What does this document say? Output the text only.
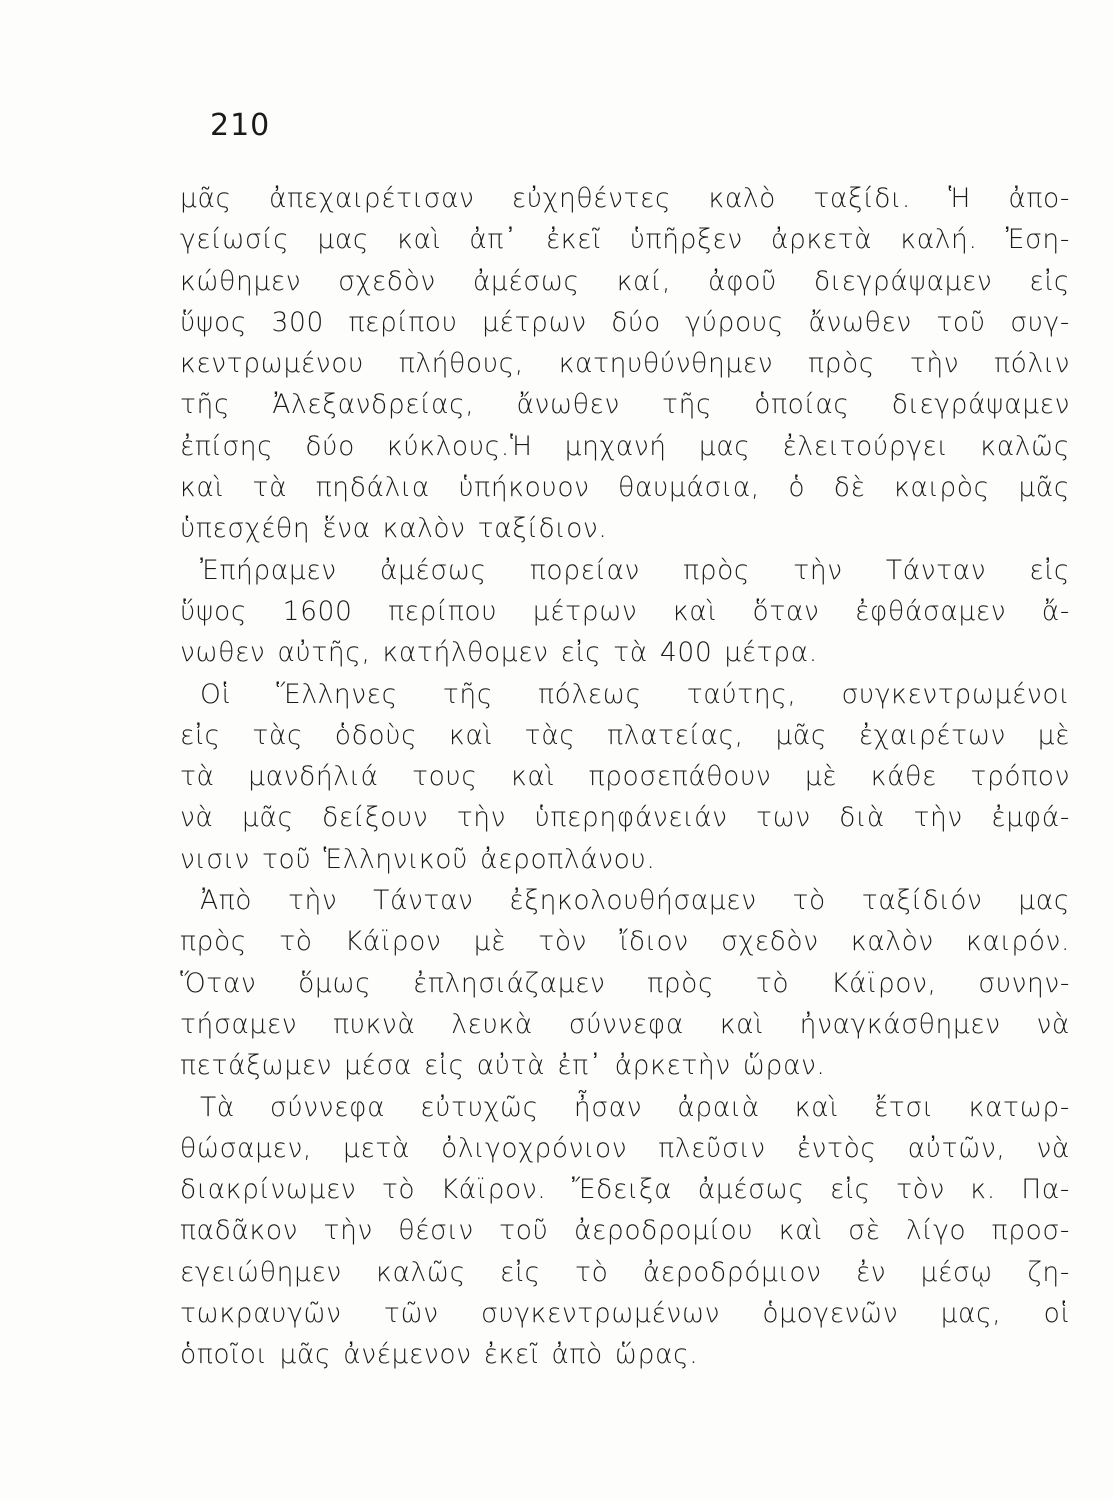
210
μᾶς ἀπεχαιρέτισαν εὐχηθέντες καλὸ ταξίδι. Ἡ ἀπο-
γείωσίς μας καὶ ἀπ᾿ ἐκεῖ ὑπῆρξεν ἀρκετὰ καλή. Ἐση-
κώθημεν σχεδὸν ἀμέσως καί, ἀφοῦ διεγράψαμεν εἰς
ὕψος 300 περίπου μέτρων δύο γύρους ἄνωθεν τοῦ συγ-
κεντρωμένου πλήθους, κατηυθύνθημεν πρὸς τὴν πόλιν
τῆς Ἀλεξανδρείας, ἄνωθεν τῆς ὁποίας διεγράψαμεν
ἐπίσης δύο κύκλους.Ἡ μηχανή μας ἐλειτούργει καλῶς
καὶ τὰ πηδάλια ὑπήκουον θαυμάσια, ὁ δὲ καιρὸς μᾶς
ὑπεσχέθη ἕνα καλὸν ταξίδιον.
Ἐπήραμεν ἀμέσως πορείαν πρὸς τὴν Τάνταν εἰς
ὕψος 1600 περίπου μέτρων καὶ ὅταν ἐφθάσαμεν ἄ-
νωθεν αὐτῆς, κατήλθομεν εἰς τὰ 400 μέτρα.
Οἱ Ἕλληνες τῆς πόλεως ταύτης, συγκεντρωμένοι
εἰς τὰς ὁδοὺς καὶ τὰς πλατείας, μᾶς ἐχαιρέτων μὲ
τὰ μανδήλιά τους καὶ προσεπάθουν μὲ κάθε τρόπον
νὰ μᾶς δείξουν τὴν ὑπερηφάνειάν των διὰ τὴν ἐμφά-
νισιν τοῦ Ἑλληνικοῦ ἀεροπλάνου.
Ἀπὸ τὴν Τάνταν ἐξηκολουθήσαμεν τὸ ταξίδιόν μας
πρὸς τὸ Κάϊρον μὲ τὸν ἴδιον σχεδὸν καλὸν καιρόν.
Ὅταν ὅμως ἐπλησιάζαμεν πρὸς τὸ Κάϊρον, συνην-
τήσαμεν πυκνὰ λευκὰ σύννεφα καὶ ἠναγκάσθημεν νὰ
πετάξωμεν μέσα εἰς αὐτὰ ἐπ᾿ ἀρκετὴν ὥραν.
Τὰ σύννεφα εὐτυχῶς ἦσαν ἀραιὰ καὶ ἔτσι κατωρ-
θώσαμεν, μετὰ ὀλιγοχρόνιον πλεῦσιν ἐντὸς αὐτῶν, νὰ
διακρίνωμεν τὸ Κάϊρον. Ἔδειξα ἀμέσως εἰς τὸν κ. Πα-
παδᾶκον τὴν θέσιν τοῦ ἀεροδρομίου καὶ σὲ λίγο προσ-
εγειώθημεν καλῶς εἰς τὸ ἀεροδρόμιον ἐν μέσῳ ζη-
τωκραυγῶν τῶν συγκεντρωμένων ὁμογενῶν μας, οἱ
ὁποῖοι μᾶς ἀνέμενον ἐκεῖ ἀπὸ ὥρας.
